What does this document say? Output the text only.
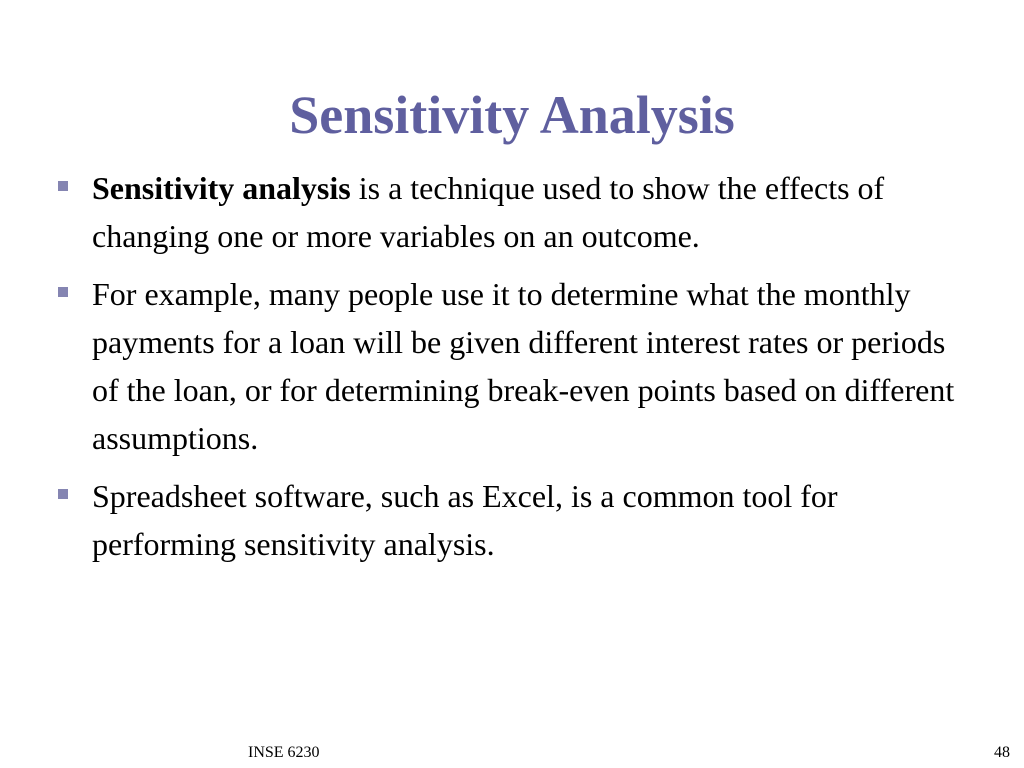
Sensitivity Analysis
Sensitivity analysis is a technique used to show the effects of changing one or more variables on an outcome.
For example, many people use it to determine what the monthly payments for a loan will be given different interest rates or periods of the loan, or for determining break-even points based on different assumptions.
Spreadsheet software, such as Excel, is a common tool for performing sensitivity analysis.
INSE 6230	48
